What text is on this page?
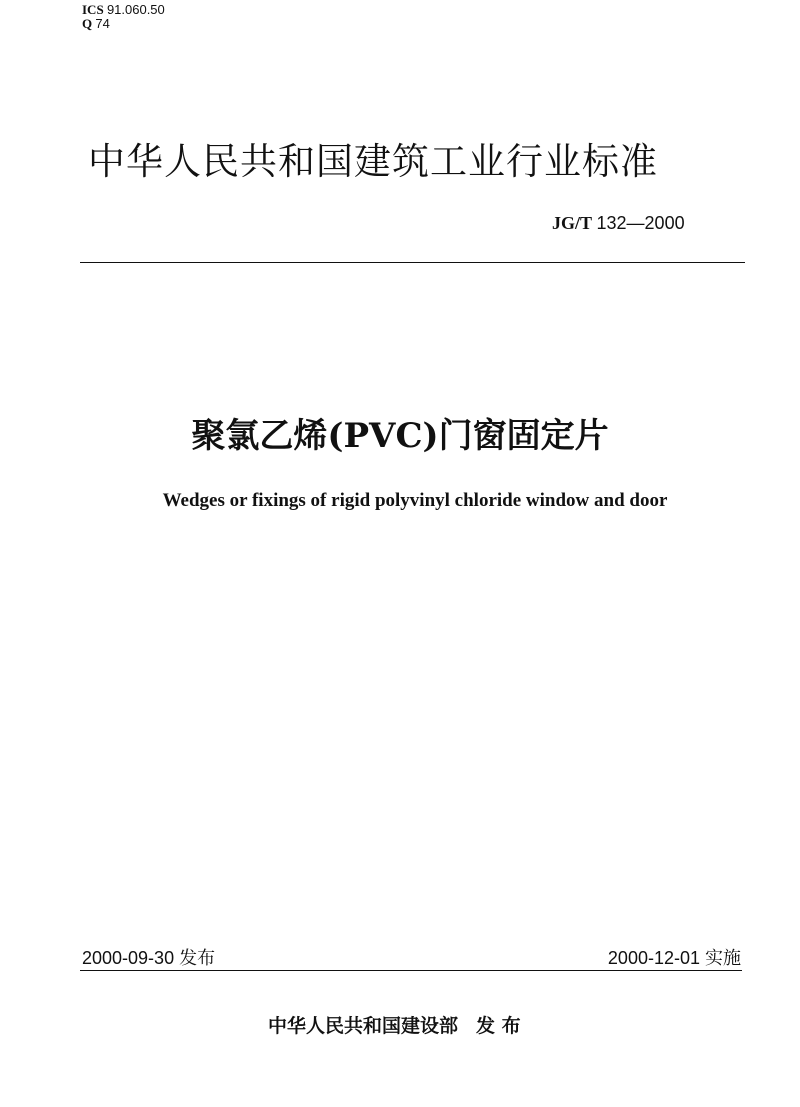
ICS 91.060.50
Q 74
中华人民共和国建筑工业行业标准
JG/T 132—2000
聚氯乙烯(PVC)门窗固定片
Wedges or fixings of rigid polyvinyl chloride window and door
2000-09-30 发布	2000-12-01 实施
中华人民共和国建设部 发 布
